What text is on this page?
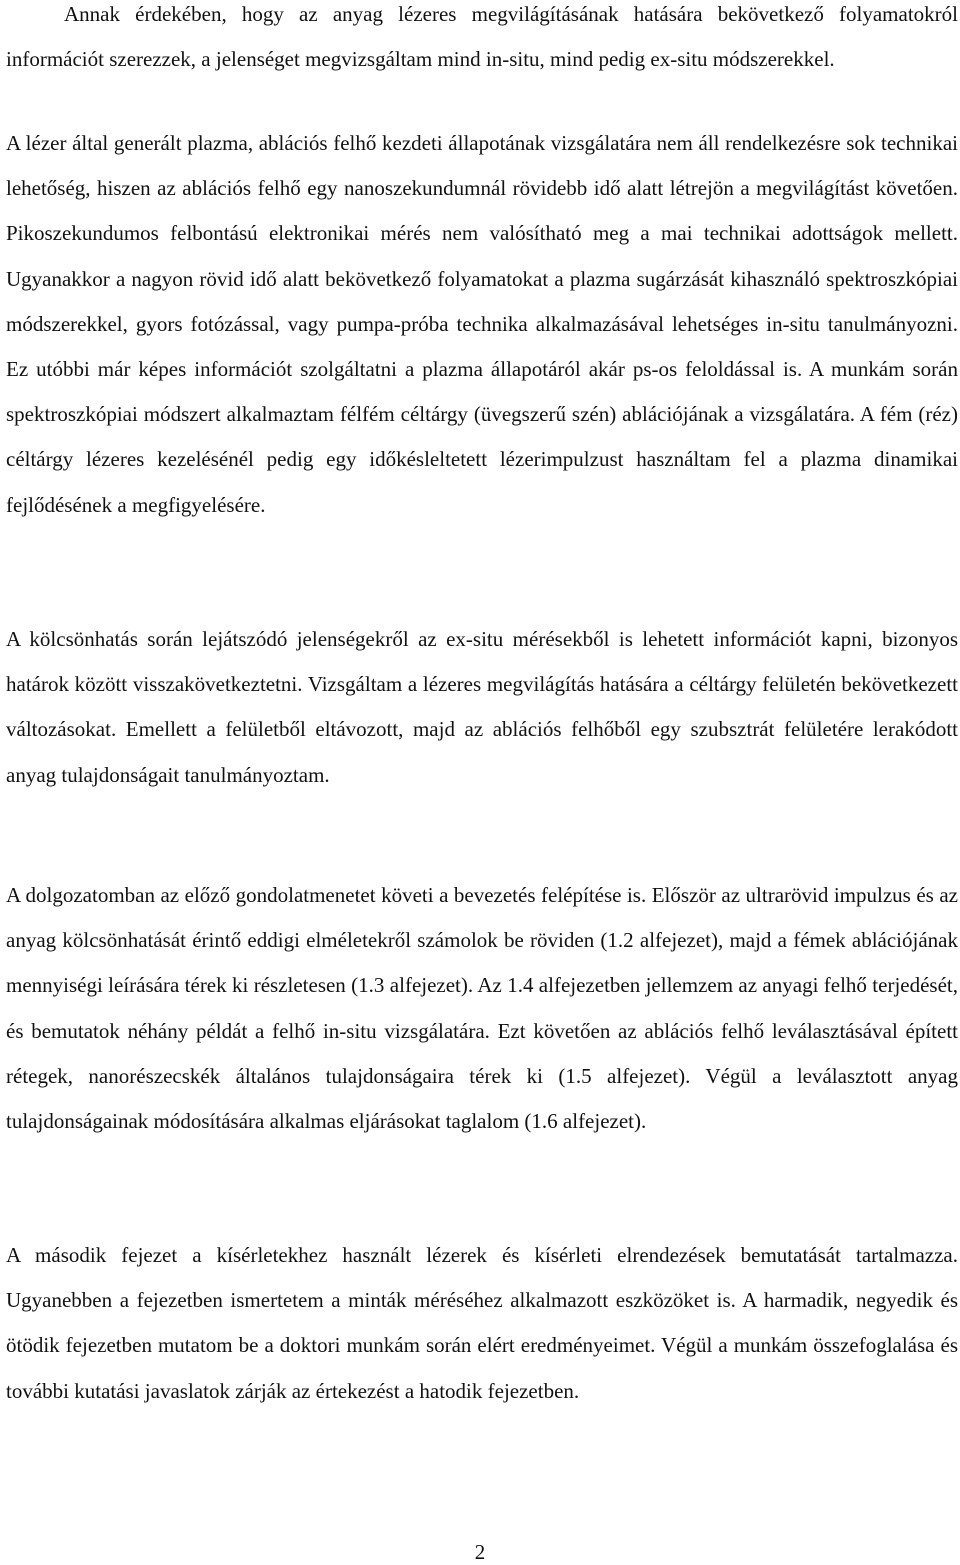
Annak érdekében, hogy az anyag lézeres megvilágításának hatására bekövetkező folyamatokról információt szerezzek, a jelenséget megvizsgáltam mind in-situ, mind pedig ex-situ módszerekkel.

A lézer által generált plazma, ablációs felhő kezdeti állapotának vizsgálatára nem áll rendelkezésre sok technikai lehetőség, hiszen az ablációs felhő egy nanoszekundumnál rövidebb idő alatt létrejön a megvilágítást követően. Pikoszekundumos felbontású elektronikai mérés nem valósítható meg a mai technikai adottságok mellett. Ugyanakkor a nagyon rövid idő alatt bekövetkező folyamatokat a plazma sugárzását kihasználó spektroszkópiai módszerekkel, gyors fotózással, vagy pumpa-próba technika alkalmazásával lehetséges in-situ tanulmányozni. Ez utóbbi már képes információt szolgáltatni a plazma állapotáról akár ps-os feloldással is. A munkám során spektroszkópiai módszert alkalmaztam félfém céltárgy (üvegszerű szén) ablációjának a vizsgálatára. A fém (réz) céltárgy lézeres kezelésénél pedig egy időkésleltetett lézerimpulzust használtam fel a plazma dinamikai fejlődésének a megfigyelésére.

A kölcsönhatás során lejátszódó jelenségekről az ex-situ mérésekből is lehetett információt kapni, bizonyos határok között visszakövetkeztetni. Vizsgáltam a lézeres megvilágítás hatására a céltárgy felületén bekövetkezett változásokat. Emellett a felületből eltávozott, majd az ablációs felhőből egy szubsztrát felületére lerakódott anyag tulajdonságait tanulmányoztam.

A dolgozatomban az előző gondolatmenetet követi a bevezetés felépítése is. Először az ultrarövid impulzus és az anyag kölcsönhatását érintő eddigi elméletekről számolok be röviden (1.2 alfejezet), majd a fémek ablációjának mennyiségi leírására térek ki részletesen (1.3 alfejezet). Az 1.4 alfejezetben jellemzem az anyagi felhő terjedését, és bemutatok néhány példát a felhő in-situ vizsgálatára. Ezt követően az ablációs felhő leválasztásával épített rétegek, nanorészecskék általános tulajdonságaira térek ki (1.5 alfejezet). Végül a leválasztott anyag tulajdonságainak módosítására alkalmas eljárásokat taglalom (1.6 alfejezet).

A második fejezet a kísérletekhez használt lézerek és kísérleti elrendezések bemutatását tartalmazza. Ugyanebben a fejezetben ismertetem a minták méréséhez alkalmazott eszközöket is. A harmadik, negyedik és ötödik fejezetben mutatom be a doktori munkám során elért eredményeimet. Végül a munkám összefoglalása és további kutatási javaslatok zárják az értekezést a hatodik fejezetben.

2
